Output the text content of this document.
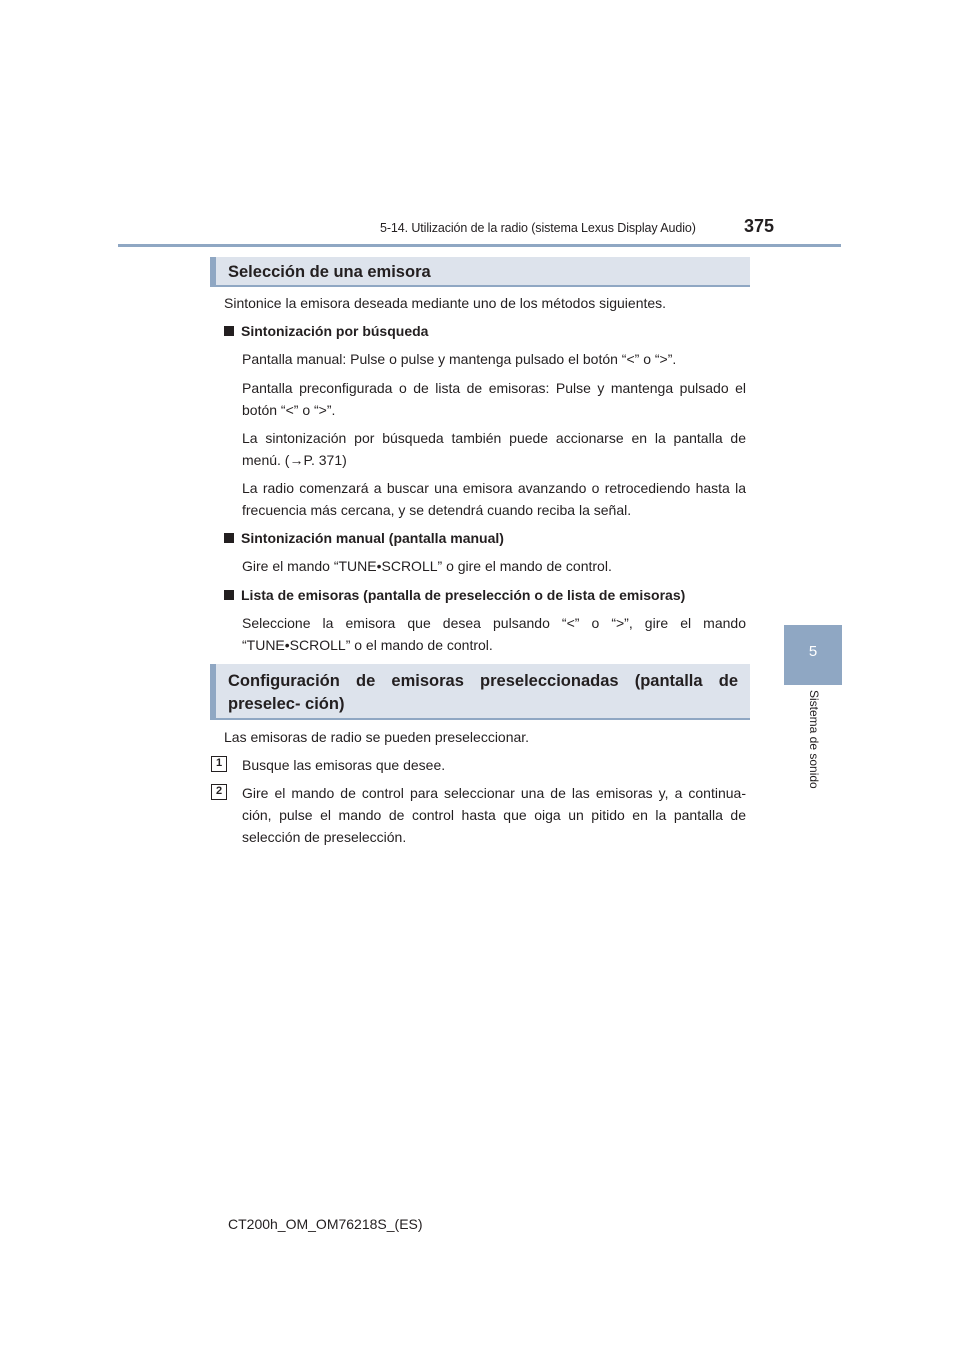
5-14. Utilización de la radio (sistema Lexus Display Audio)	375
5
Sistema de sonido
Selección de una emisora
Sintonice la emisora deseada mediante uno de los métodos siguientes.
Sintonización por búsqueda
Pantalla manual: Pulse o pulse y mantenga pulsado el botón “<” o “>”.
Pantalla preconfigurada o de lista de emisoras: Pulse y mantenga pulsado el botón “<” o “>”.
La sintonización por búsqueda también puede accionarse en la pantalla de menú. (→P. 371)
La radio comenzará a buscar una emisora avanzando o retrocediendo hasta la frecuencia más cercana, y se detendrá cuando reciba la señal.
Sintonización manual (pantalla manual)
Gire el mando “TUNE•SCROLL” o gire el mando de control.
Lista de emisoras (pantalla de preselección o de lista de emisoras)
Seleccione la emisora que desea pulsando “<” o “>”, gire el mando “TUNE•SCROLL” o el mando de control.
Configuración de emisoras preseleccionadas (pantalla de preselec- ción)
Las emisoras de radio se pueden preseleccionar.
1	Busque las emisoras que desee.
2	Gire el mando de control para seleccionar una de las emisoras y, a continua- ción, pulse el mando de control hasta que oiga un pitido en la pantalla de selección de preselección.
CT200h_OM_OM76218S_(ES)
